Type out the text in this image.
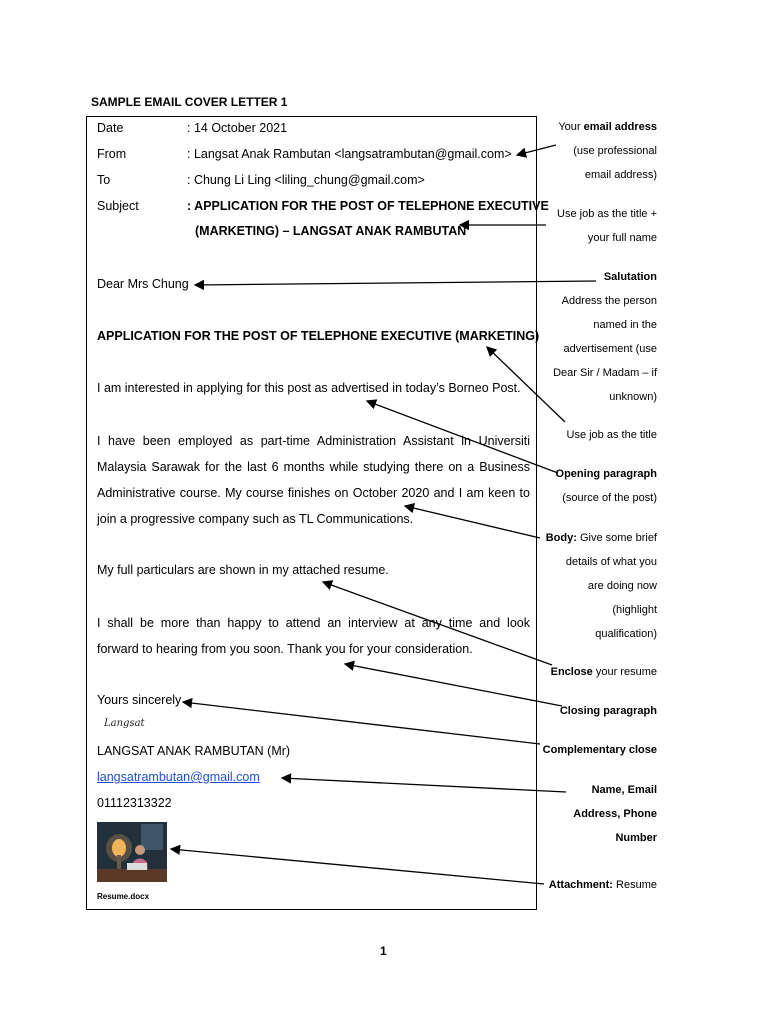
SAMPLE EMAIL COVER LETTER 1
Date	: 14 October 2021
From	: Langsat Anak Rambutan <langsatrambutan@gmail.com>
To	: Chung Li Ling <liling_chung@gmail.com>
Subject	: APPLICATION FOR THE POST OF TELEPHONE EXECUTIVE
(MARKETING) – LANGSAT ANAK RAMBUTAN
Dear Mrs Chung
APPLICATION FOR THE POST OF TELEPHONE EXECUTIVE (MARKETING)
I am interested in applying for this post as advertised in today’s Borneo Post.
I have been employed as part-time Administration Assistant in Universiti
Malaysia Sarawak for the last 6 months while studying there on a Business
Administrative course. My course finishes on October 2020 and I am keen to
join a progressive company such as TL Communications.
My full particulars are shown in my attached resume.
I shall be more than happy to attend an interview at any time and look
forward to hearing from you soon. Thank you for your consideration.
Yours sincerely
Langsat
LANGSAT ANAK RAMBUTAN (Mr)
langsatrambutan@gmail.com
01112313322
Resume.docx
Your email address
(use professional
email address)
Use job as the title +
your full name
Salutation
Address the person
named in the
advertisement (use
Dear Sir / Madam – if
unknown)
Use job as the title
Opening paragraph
(source of the post)
Body: Give some brief
details of what you
are doing now
(highlight
qualification)
Enclose your resume
Closing paragraph
Complementary close
Name, Email
Address, Phone
Number
Attachment: Resume
1
